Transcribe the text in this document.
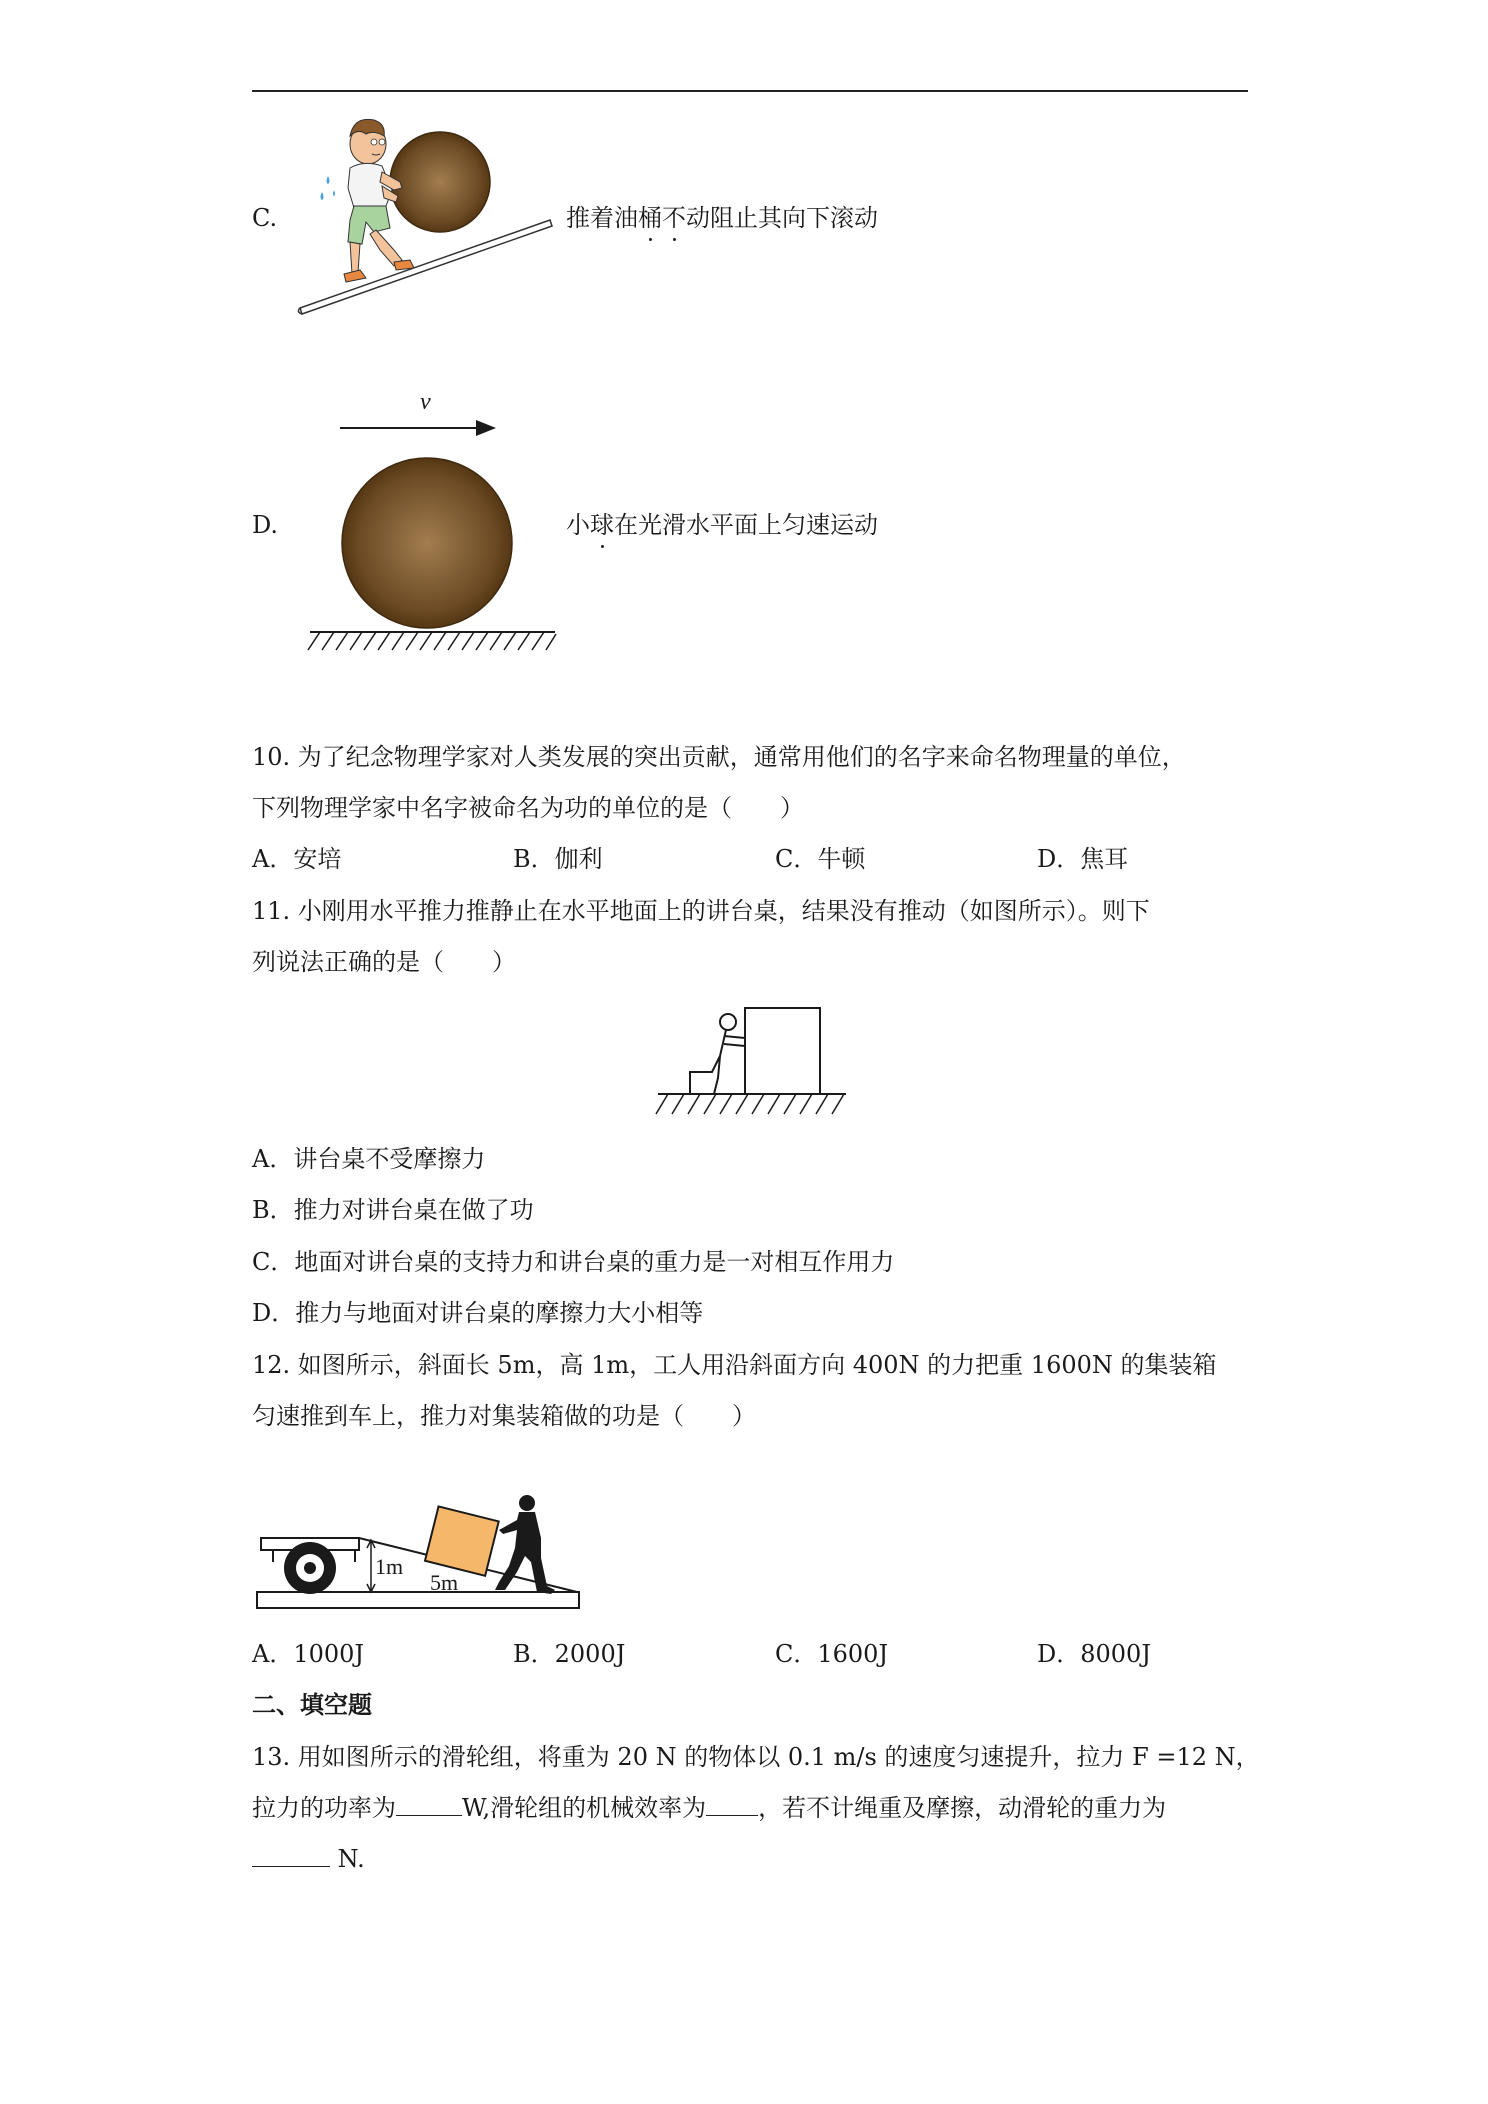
C.	推着油桶不动阻止其向下滚动
D.
v
小球在光滑水平面上匀速运动
10. 为了纪念物理学家对人类发展的突出贡献，通常用他们的名字来命名物理量的单位，
下列物理学家中名字被命名为功的单位的是（　　）
A．安培	B．伽利	C．牛顿	D．焦耳
11. 小刚用水平推力推静止在水平地面上的讲台桌，结果没有推动（如图所示）。则下
列说法正确的是（　　）
A．讲台桌不受摩擦力
B．推力对讲台桌在做了功
C．地面对讲台桌的支持力和讲台桌的重力是一对相互作用力
D．推力与地面对讲台桌的摩擦力大小相等
12. 如图所示，斜面长 5m，高 1m，工人用沿斜面方向 400N 的力把重 1600N 的集装箱
匀速推到车上，推力对集装箱做的功是（　　）
1m
5m
A．1000J	B．2000J	C．1600J	D．8000J
二、填空题
13. 用如图所示的滑轮组，将重为 20 N 的物体以 0.1 m/s 的速度匀速提升，拉力 F =12 N，
拉力的功率为	W,滑轮组的机械效率为 ，若不计绳重及摩擦，动滑轮的重力为
N.
